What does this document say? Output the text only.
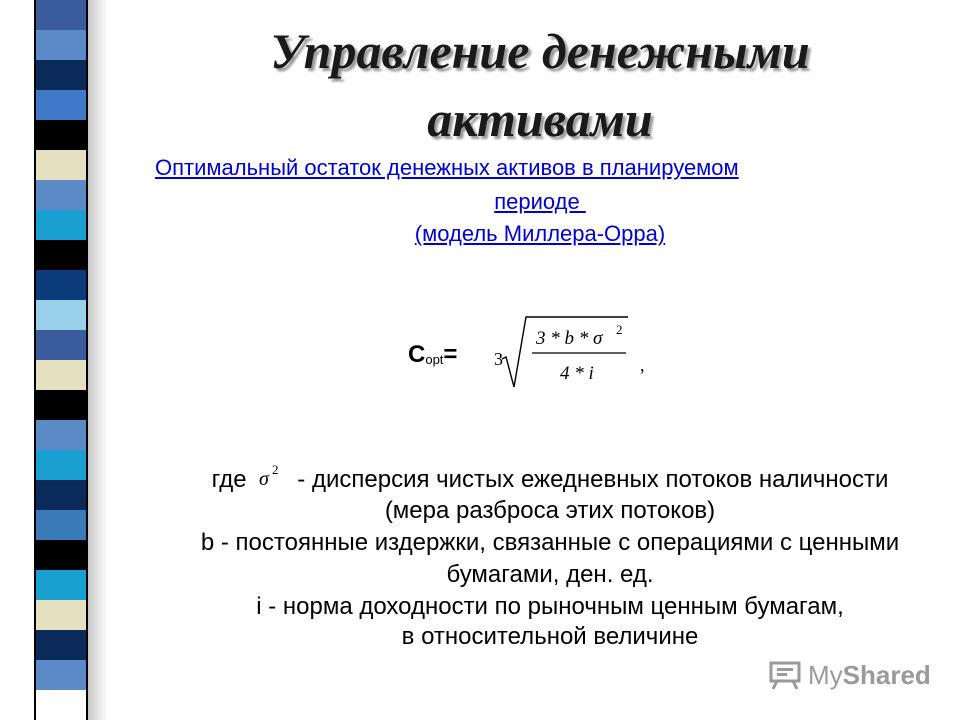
Управление денежными
активами
Оптимальный остаток денежных активов в планируемом
периоде
(модель Миллера-Орра)
$C_{opt}= 3$
3 * b * σ 2
4 * i	,
где σ 2 - дисперсия чистых ежедневных потоков наличности
(мера разброса этих потоков)
b - постоянные издержки, связанные с операциями с ценными
бумагами, ден. ед.
i - норма доходности по рыночным ценным бумагам,
в относительной величине
MyShared
